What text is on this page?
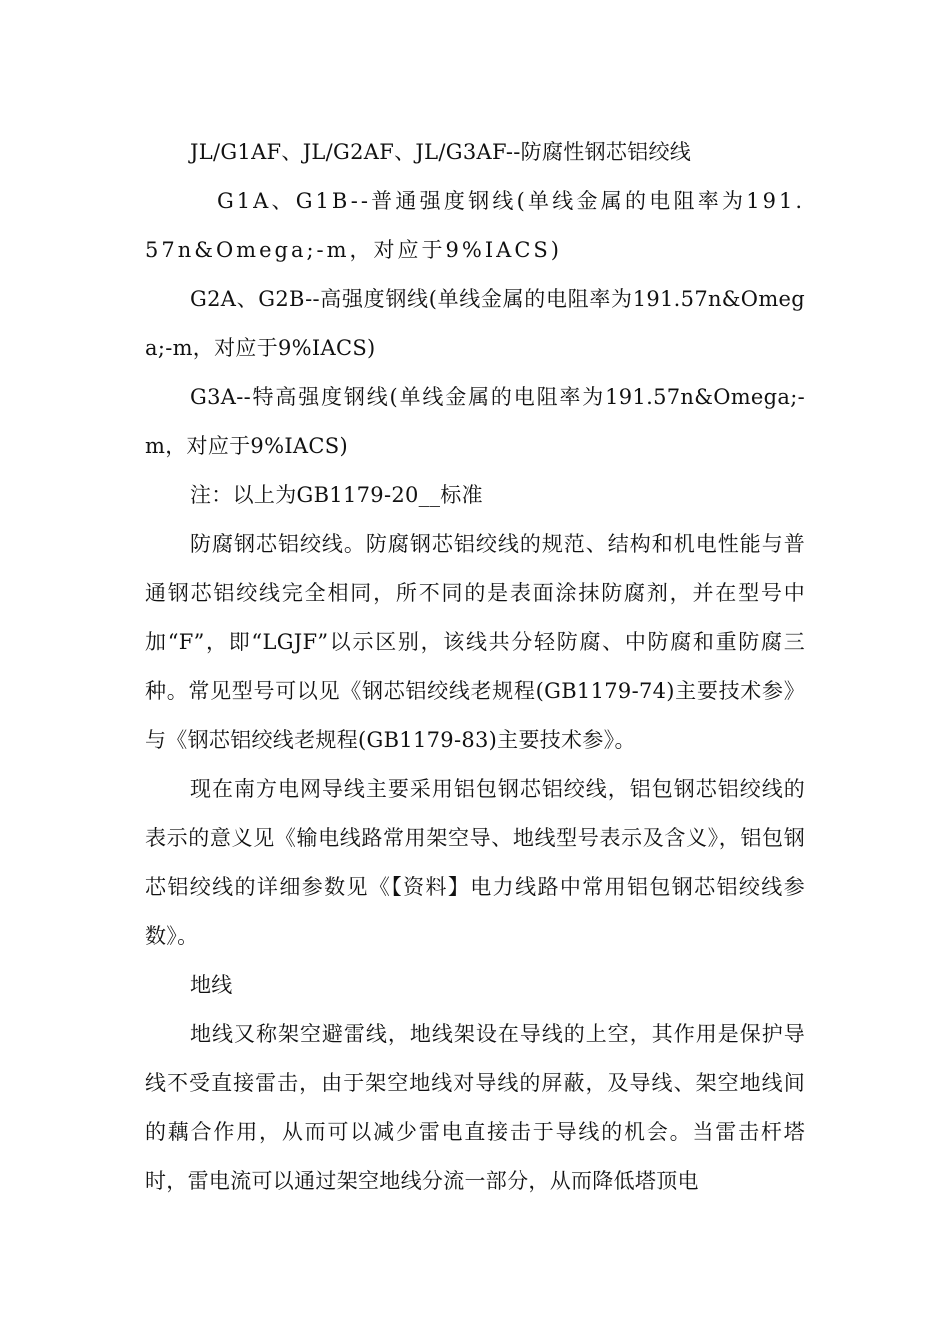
JL/G1AF、JL/G2AF、JL/G3AF--防腐性钢芯铝绞线

G1A、G1B--普通强度钢线(单线金属的电阻率为191.57n&Omega;-m，对应于9%IACS)

G2A、G2B--高强度钢线(单线金属的电阻率为191.57n&Omega;-m，对应于9%IACS)

G3A--特高强度钢线(单线金属的电阻率为191.57n&Omega;-m，对应于9%IACS)

注：以上为GB1179-20__标准

防腐钢芯铝绞线。防腐钢芯铝绞线的规范、结构和机电性能与普通钢芯铝绞线完全相同，所不同的是表面涂抹防腐剂，并在型号中加“F”，即“LGJF”以示区别，该线共分轻防腐、中防腐和重防腐三种。常见型号可以见《钢芯铝绞线老规程(GB1179-74)主要技术参》与《钢芯铝绞线老规程(GB1179-83)主要技术参》。

现在南方电网导线主要采用铝包钢芯铝绞线，铝包钢芯铝绞线的表示的意义见《输电线路常用架空导、地线型号表示及含义》，铝包钢芯铝绞线的详细参数见《【资料】电力线路中常用铝包钢芯铝绞线参数》。

地线

地线又称架空避雷线，地线架设在导线的上空，其作用是保护导线不受直接雷击，由于架空地线对导线的屏蔽，及导线、架空地线间的藕合作用，从而可以减少雷电直接击于导线的机会。当雷击杆塔时，雷电流可以通过架空地线分流一部分，从而降低塔顶电
